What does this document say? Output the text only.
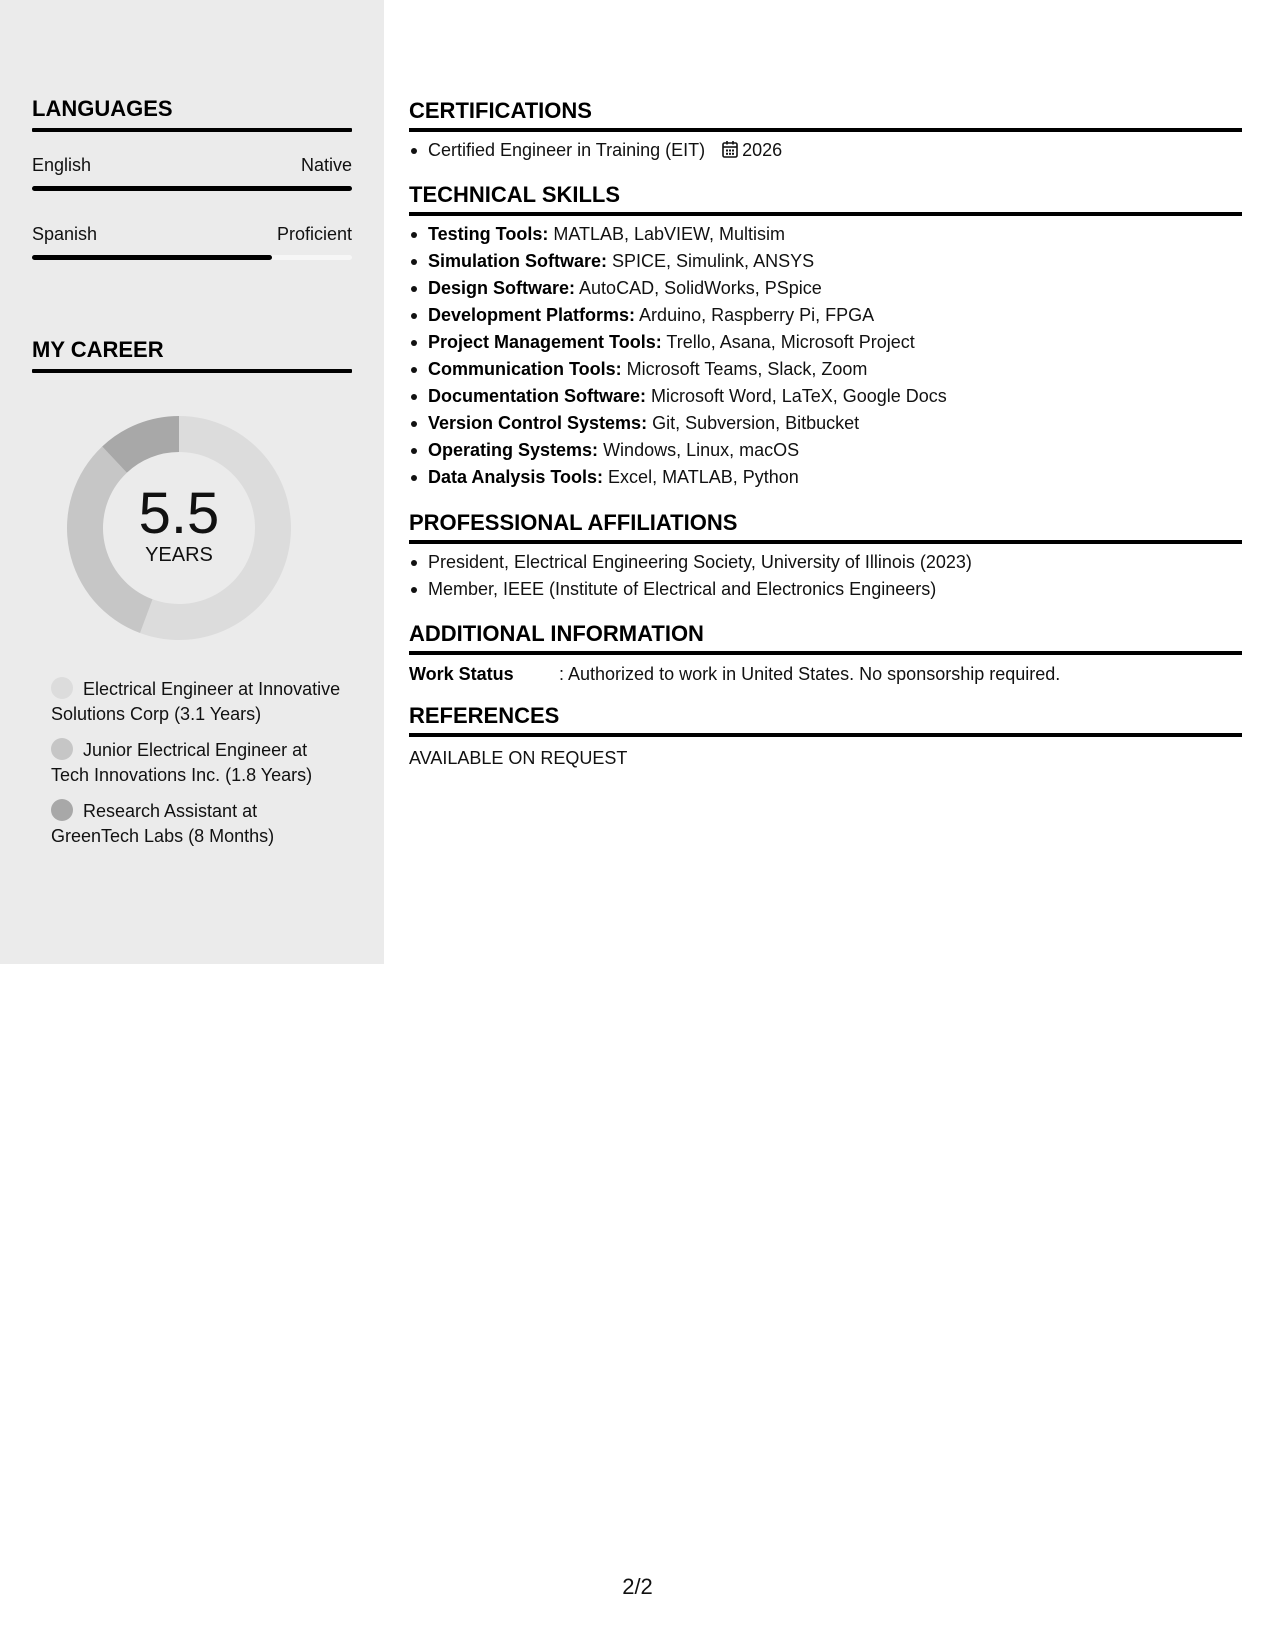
LANGUAGES
English	Native
Spanish	Proficient
MY CAREER
5.5
YEARS
Electrical Engineer at Innovative Solutions Corp (3.1 Years)
Junior Electrical Engineer at Tech Innovations Inc. (1.8 Years)
Research Assistant at GreenTech Labs (8 Months)
CERTIFICATIONS
Certified Engineer in Training (EIT) 2026
TECHNICAL SKILLS
Testing Tools: MATLAB, LabVIEW, Multisim
Simulation Software: SPICE, Simulink, ANSYS
Design Software: AutoCAD, SolidWorks, PSpice
Development Platforms: Arduino, Raspberry Pi, FPGA
Project Management Tools: Trello, Asana, Microsoft Project
Communication Tools: Microsoft Teams, Slack, Zoom
Documentation Software: Microsoft Word, LaTeX, Google Docs
Version Control Systems: Git, Subversion, Bitbucket
Operating Systems: Windows, Linux, macOS
Data Analysis Tools: Excel, MATLAB, Python
PROFESSIONAL AFFILIATIONS
President, Electrical Engineering Society, University of Illinois (2023)
Member, IEEE (Institute of Electrical and Electronics Engineers)
ADDITIONAL INFORMATION
Work Status	: Authorized to work in United States. No sponsorship required.
REFERENCES
AVAILABLE ON REQUEST
2/2
